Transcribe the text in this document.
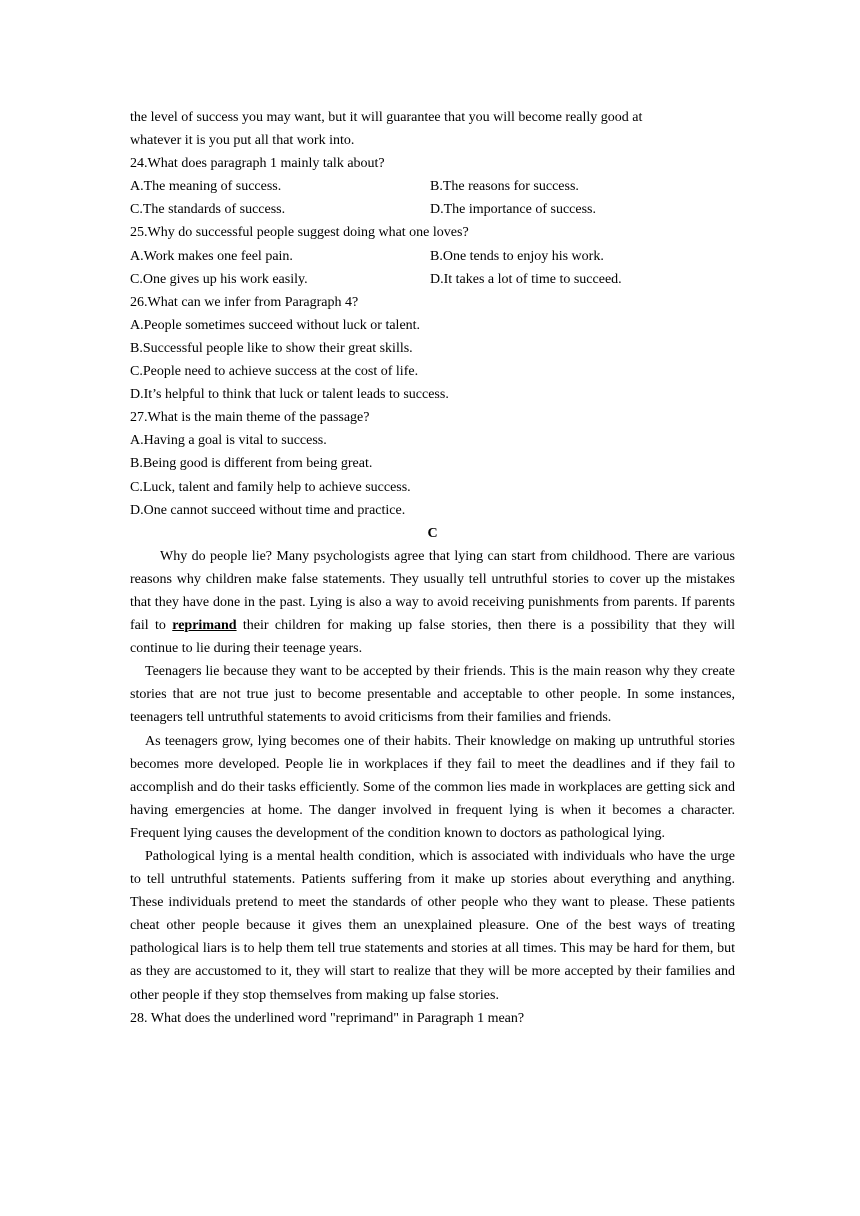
the level of success you may want, but it will guarantee that you will become really good at
whatever it is you put all that work into.
24.What does paragraph 1 mainly talk about?
A.The meaning of success.	B.The reasons for success.
C.The standards of success.	D.The importance of success.
25.Why do successful people suggest doing what one loves?
A.Work makes one feel pain.	B.One tends to enjoy his work.
C.One gives up his work easily.	D.It takes a lot of time to succeed.
26.What can we infer from Paragraph 4?
A.People sometimes succeed without luck or talent.
B.Successful people like to show their great skills.
C.People need to achieve success at the cost of life.
D.It’s helpful to think that luck or talent leads to success.
27.What is the main theme of the passage?
A.Having a goal is vital to success.
B.Being good is different from being great.
C.Luck, talent and family help to achieve success.
D.One cannot succeed without time and practice.
C

Why do people lie? Many psychologists agree that lying can start from childhood. There are various reasons why children make false statements. They usually tell untruthful stories to cover up the mistakes that they have done in the past. Lying is also a way to avoid receiving punishments from parents. If parents fail to reprimand their children for making up false stories, then there is a possibility that they will continue to lie during their teenage years.

Teenagers lie because they want to be accepted by their friends. This is the main reason why they create stories that are not true just to become presentable and acceptable to other people. In some instances, teenagers tell untruthful statements to avoid criticisms from their families and friends.

As teenagers grow, lying becomes one of their habits. Their knowledge on making up untruthful stories becomes more developed. People lie in workplaces if they fail to meet the deadlines and if they fail to accomplish and do their tasks efficiently. Some of the common lies made in workplaces are getting sick and having emergencies at home. The danger involved in frequent lying is when it becomes a character. Frequent lying causes the development of the condition known to doctors as pathological lying.

Pathological lying is a mental health condition, which is associated with individuals who have the urge to tell untruthful statements. Patients suffering from it make up stories about everything and anything. These individuals pretend to meet the standards of other people who they want to please. These patients cheat other people because it gives them an unexplained pleasure. One of the best ways of treating pathological liars is to help them tell true statements and stories at all times. This may be hard for them, but as they are accustomed to it, they will start to realize that they will be more accepted by their families and other people if they stop themselves from making up false stories.

28. What does the underlined word "reprimand" in Paragraph 1 mean?
